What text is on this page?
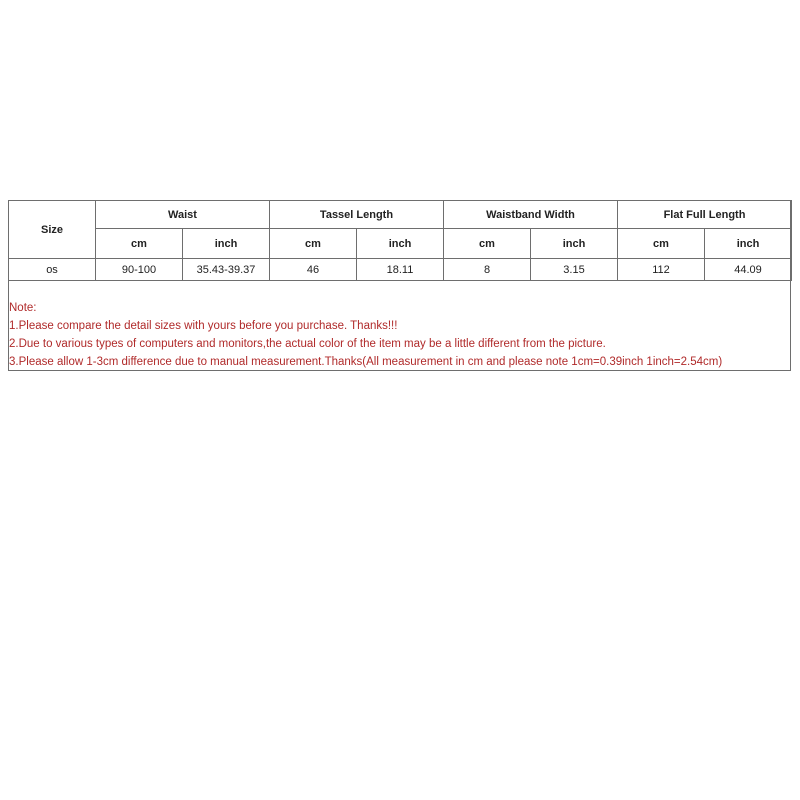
Size	Waist		Tassel Length		Waistband Width		Flat Full Length	
	cm	inch	cm	inch	cm	inch	cm	inch
os	90-100	35.43-39.37	46	18.11	8	3.15	112	44.09
Note:
1.Please compare the detail sizes with yours before you purchase. Thanks!!!
2.Due to various types of computers and monitors,the actual color of the item may be a little different from the picture.
3.Please allow 1-3cm difference due to manual measurement.Thanks(All measurement in cm and please note 1cm=0.39inch 1inch=2.54cm)
